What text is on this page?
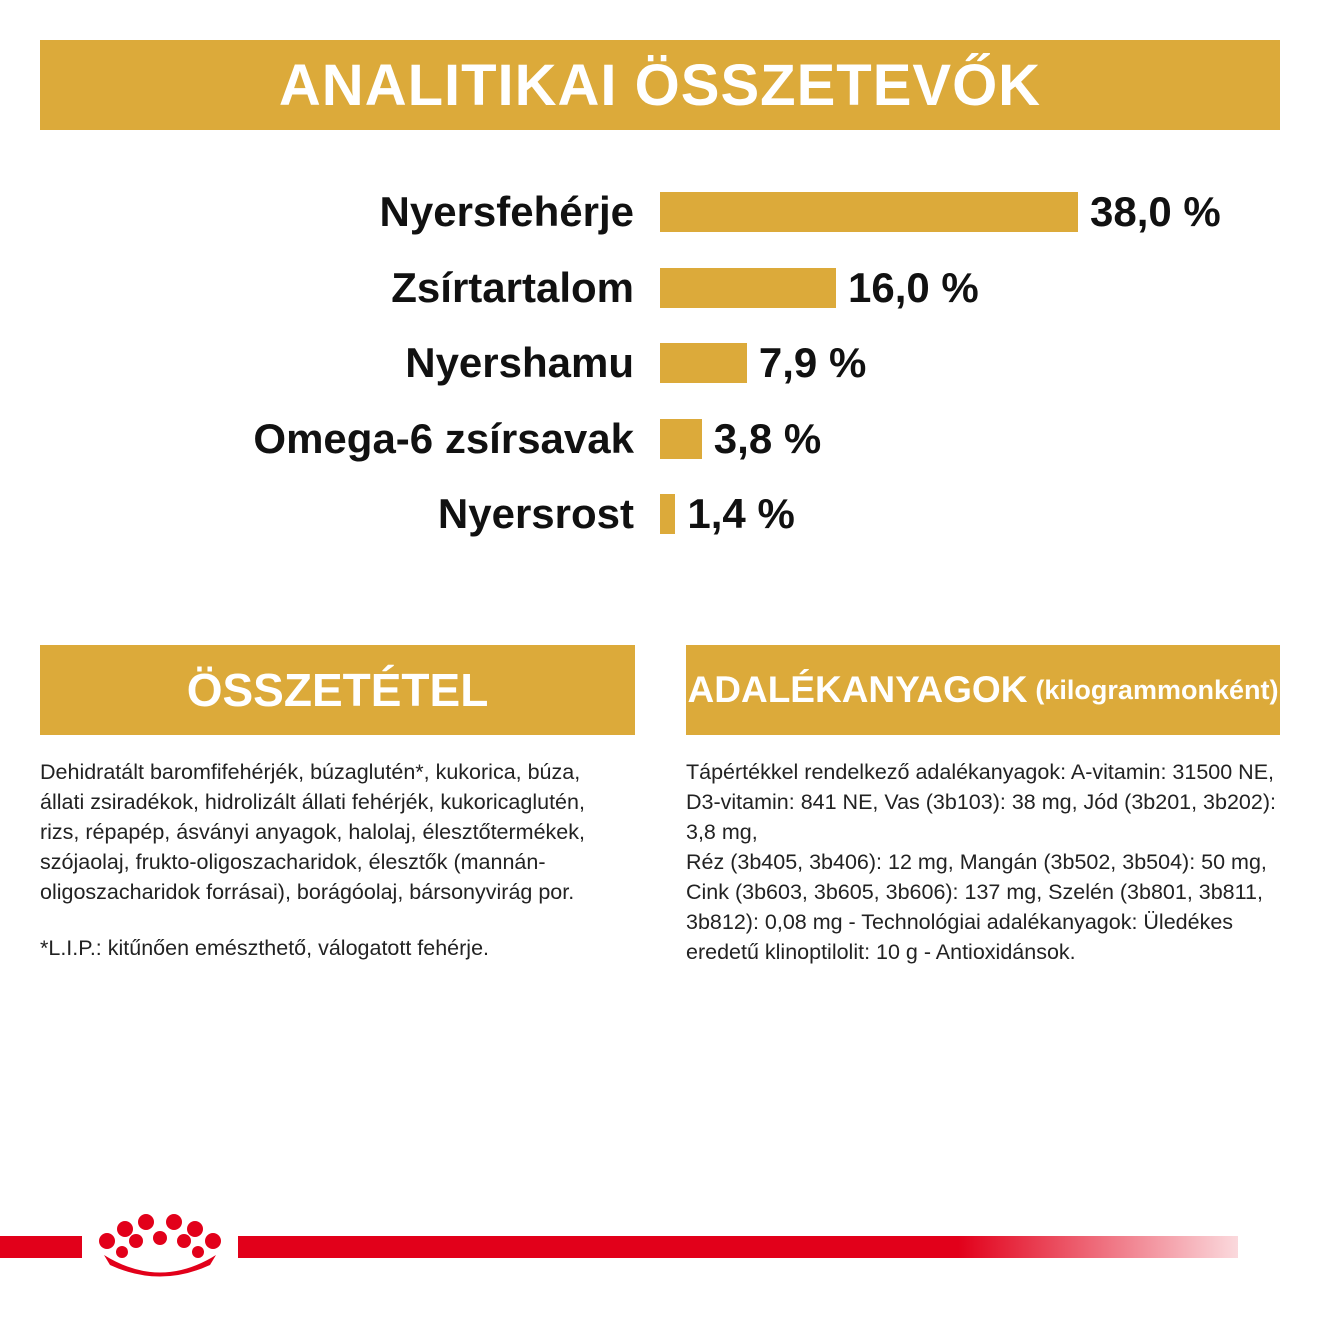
ANALITIKAI ÖSSZETEVŐK
Nyersfehérje	38,0 %
Zsírtartalom	16,0 %
Nyershamu	7,9 %
Omega-6 zsírsavak 3,8 %
Nyersrost 1,4 %
ÖSSZETÉTEL

Dehidratált baromfifehérjék, búzaglutén*, kukorica, búza,
állati zsiradékok, hidrolizált állati fehérjék, kukoricaglutén,
rizs, répapép, ásványi anyagok, halolaj, élesztőtermékek,
szójaolaj, frukto-oligoszacharidok, élesztők (mannán-
oligoszacharidok forrásai), borágóolaj, bársonyvirág por.

*L.I.P.: kitűnően emészthető, válogatott fehérje.

ADALÉKANYAGOK (kilogrammonként)

Tápértékkel rendelkező adalékanyagok: A-vitamin: 31500 NE,
D3-vitamin: 841 NE, Vas (3b103): 38 mg, Jód (3b201, 3b202): 3,8 mg,
Réz (3b405, 3b406): 12 mg, Mangán (3b502, 3b504): 50 mg,
Cink (3b603, 3b605, 3b606): 137 mg, Szelén (3b801, 3b811,
3b812): 0,08 mg - Technológiai adalékanyagok: Üledékes
eredetű klinoptilolit: 10 g - Antioxidánsok.
